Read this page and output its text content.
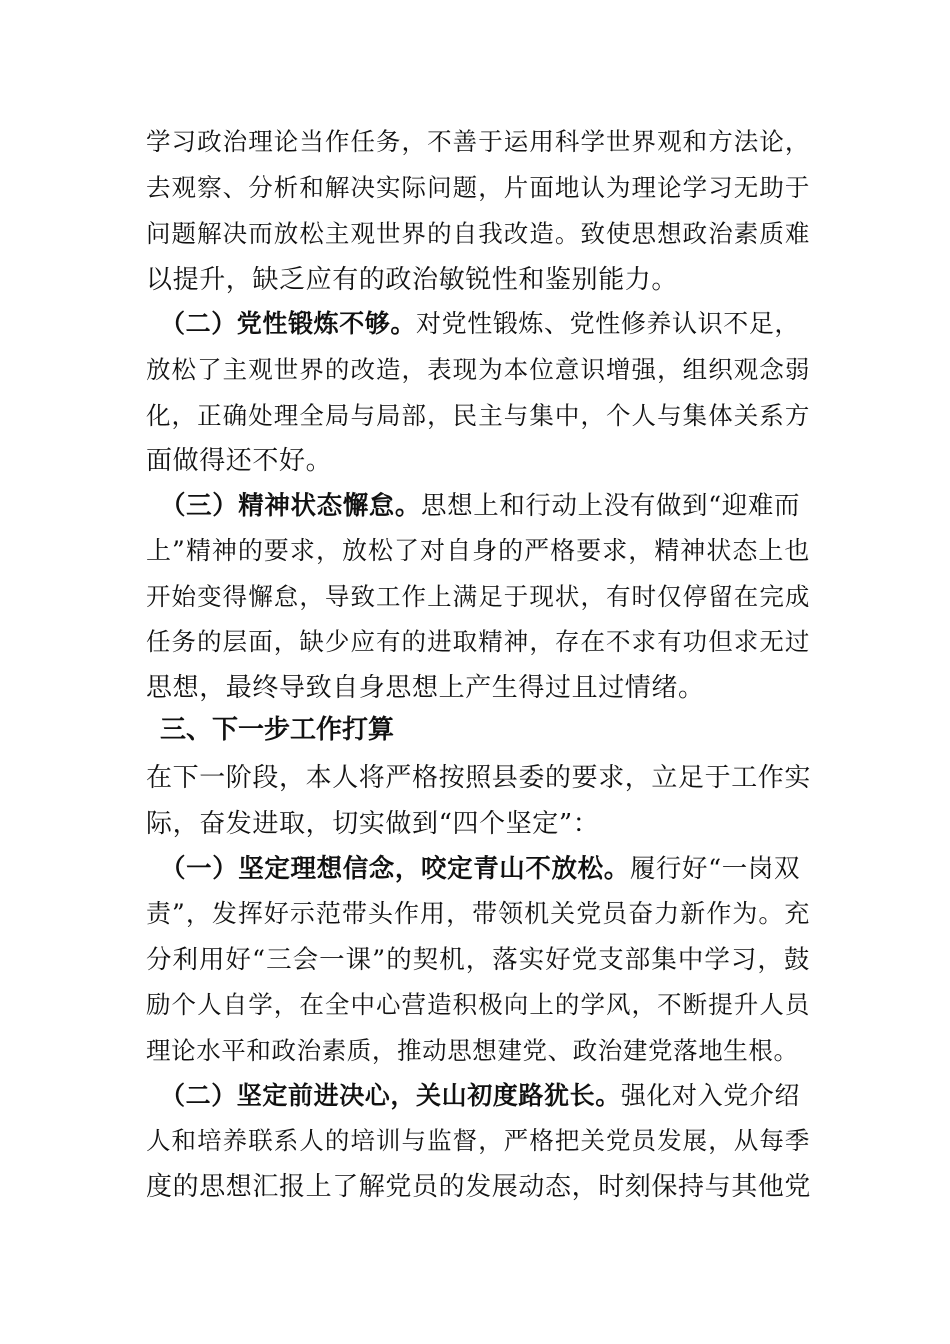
学习政治理论当作任务，不善于运用科学世界观和方法论，
去观察、分析和解决实际问题，片面地认为理论学习无助于
问题解决而放松主观世界的自我改造。致使思想政治素质难
以提升，缺乏应有的政治敏锐性和鉴别能力。
（二）党性锻炼不够。对党性锻炼、党性修养认识不足，
放松了主观世界的改造，表现为本位意识增强，组织观念弱
化，正确处理全局与局部，民主与集中，个人与集体关系方
面做得还不好。
（三）精神状态懈怠。思想上和行动上没有做到“迎难而
上”精神的要求，放松了对自身的严格要求，精神状态上也
开始变得懈怠，导致工作上满足于现状，有时仅停留在完成
任务的层面，缺少应有的进取精神，存在不求有功但求无过
思想，最终导致自身思想上产生得过且过情绪。
三、下一步工作打算
在下一阶段，本人将严格按照县委的要求，立足于工作实
际，奋发进取，切实做到“四个坚定”：
（一）坚定理想信念，咬定青山不放松。履行好“一岗双
责”，发挥好示范带头作用，带领机关党员奋力新作为。充
分利用好“三会一课”的契机，落实好党支部集中学习，鼓
励个人自学，在全中心营造积极向上的学风，不断提升人员
理论水平和政治素质，推动思想建党、政治建党落地生根。
（二）坚定前进决心，关山初度路犹长。强化对入党介绍
人和培养联系人的培训与监督，严格把关党员发展，从每季
度的思想汇报上了解党员的发展动态，时刻保持与其他党
